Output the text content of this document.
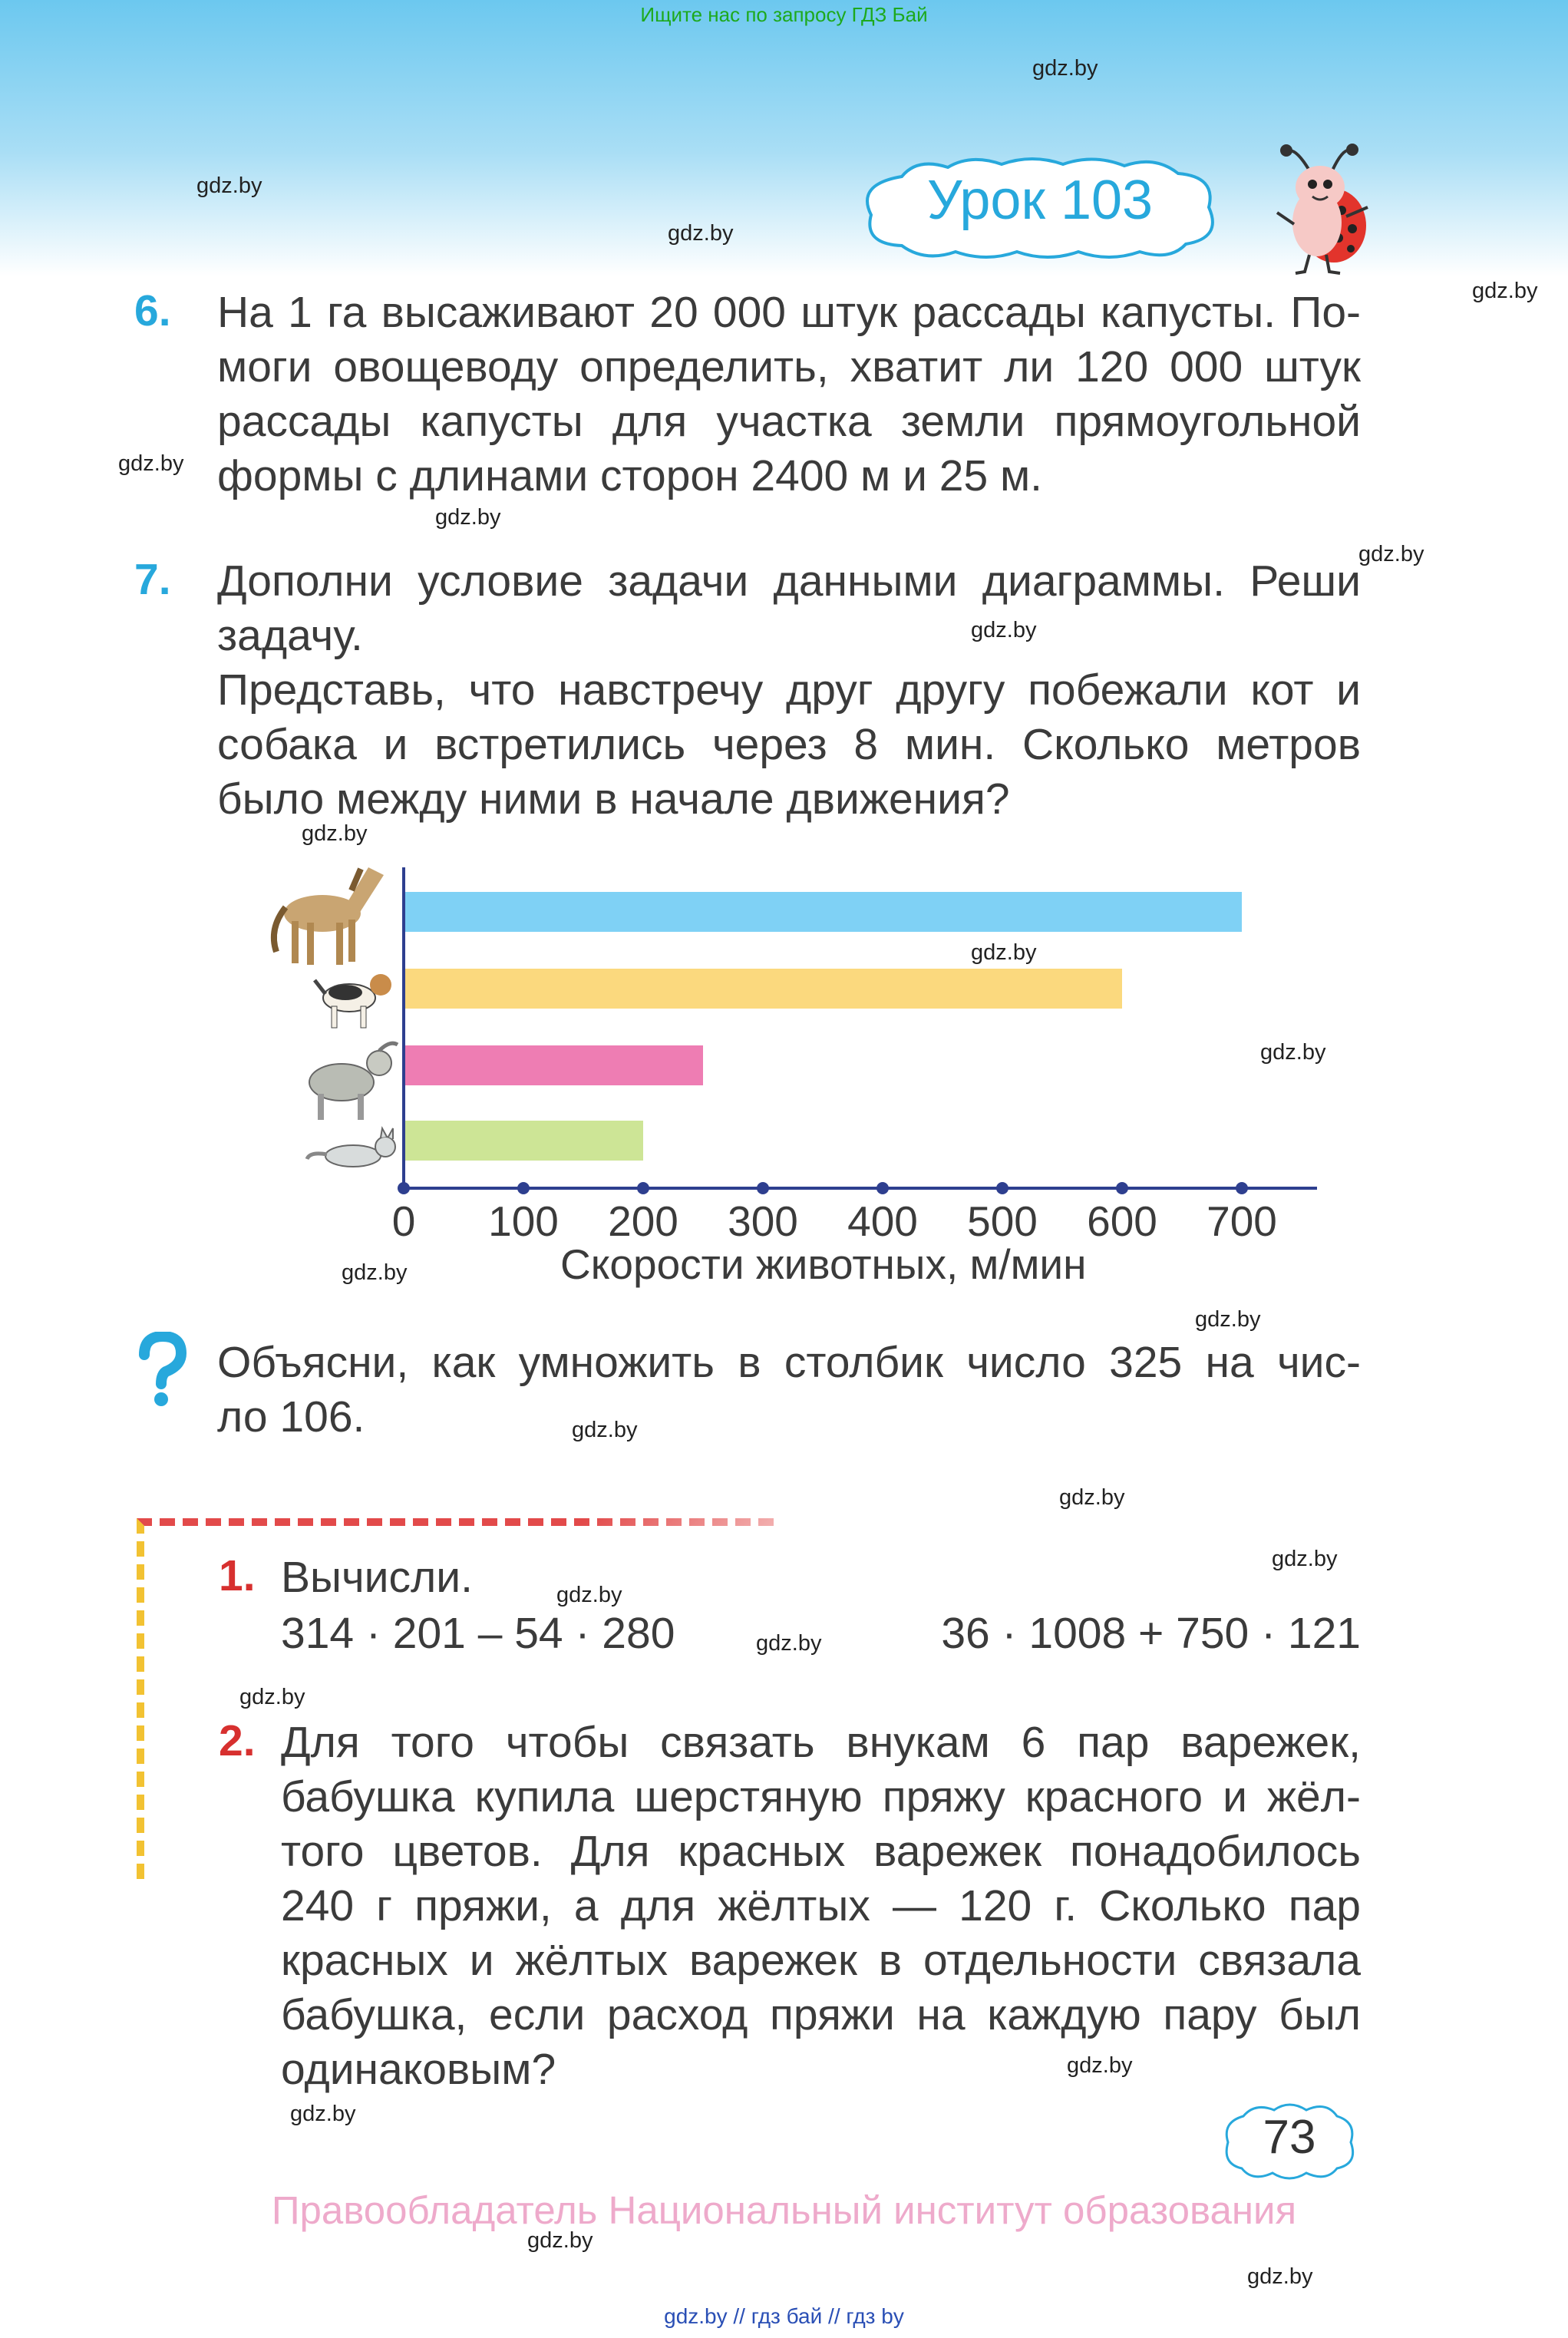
Ищите нас по запросу ГДЗ Бай
gdz.by
gdz.by
gdz.by
gdz.by
gdz.by
gdz.by
gdz.by
gdz.by
gdz.by
gdz.by
gdz.by
gdz.by
gdz.by
gdz.by
gdz.by
gdz.by
gdz.by
gdz.by
gdz.by
gdz.by
gdz.by
gdz.by
gdz.by
Урок 103
6. На 1 га высаживают 20 000 штук рассады капусты. По-

моги овощеводу определить, хватит ли 120 000 штук

рассады капусты для участка земли прямоугольной

формы с длинами сторон 2400 м и 25 м.

7. Дополни условие задачи данными диаграммы. Реши

задачу.

Представь, что навстречу друг другу побежали кот и

собака и встретились через 8 мин. Сколько метров

было между ними в начале движения?

0 100 200 300 400 500 600 700
Скорости животных, м/мин

Объясни, как умножить в столбик число 325 на чис-

ло 106.

1. Вычисли.
314 · 201 – 54 · 280	36 · 1008 + 750 · 121
2. Для того чтобы связать внукам 6 пар варежек,

бабушка купила шерстяную пряжу красного и жёл-

того цветов. Для красных варежек понадобилось

240 г пряжи, а для жёлтых — 120 г. Сколько пар

красных и жёлтых варежек в отдельности связала

бабушка, если расход пряжи на каждую пару был

одинаковым?

73
Правообладатель Национальный институт образования
gdz.by // гдз бай // гдз by
